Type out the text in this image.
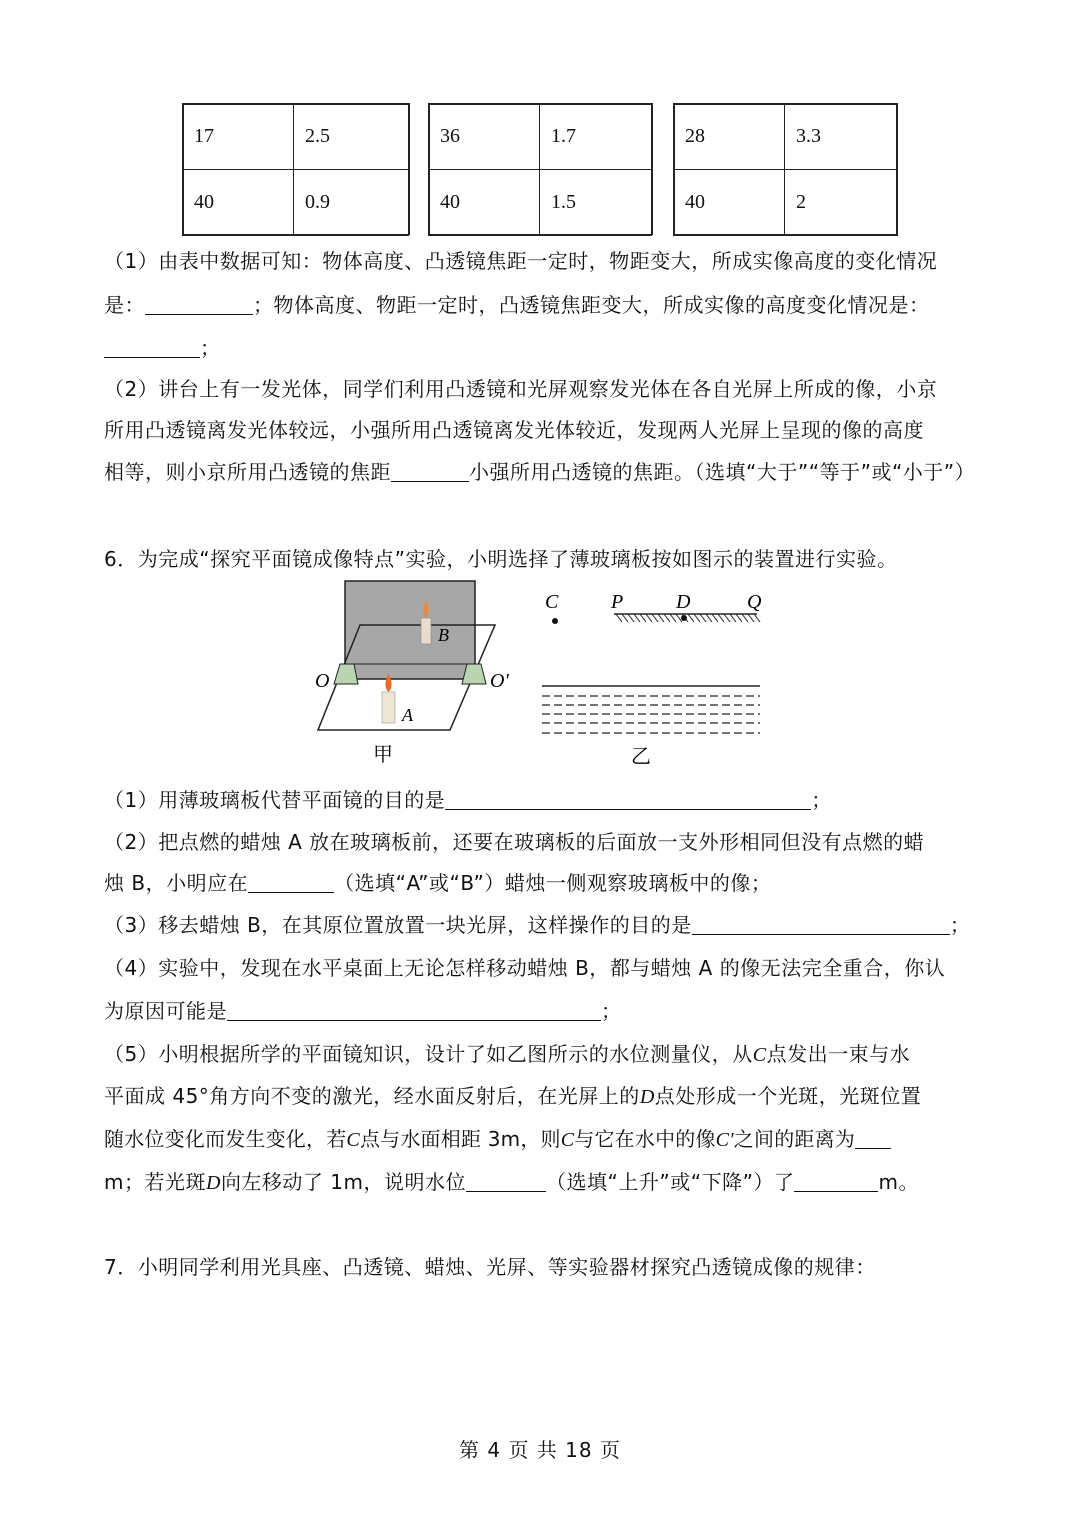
17	2.5	36	1.7	28	3.3
40	0.9	40	1.5	40	2
（1）由表中数据可知：物体高度、凸透镜焦距一定时，物距变大，所成实像高度的变化情况
是：	；物体高度、物距一定时，凸透镜焦距变大，所成实像的高度变化情况是：
；
（2）讲台上有一发光体，同学们利用凸透镜和光屏观察发光体在各自光屏上所成的像，小京
所用凸透镜离发光体较远，小强所用凸透镜离发光体较近，发现两人光屏上呈现的像的高度
相等，则小京所用凸透镜的焦距	小强所用凸透镜的焦距。（选填“大于”“等于”或“小于”）
6．为完成“探究平面镜成像特点”实验，小明选择了薄玻璃板按如图示的装置进行实验。
B
A
O	O′
甲
C	P	D	Q
乙
（1）用薄玻璃板代替平面镜的目的是	；
（2）把点燃的蜡烛 A 放在玻璃板前，还要在玻璃板的后面放一支外形相同但没有点燃的蜡
烛 B，小明应在	（选填“A”或“B”）蜡烛一侧观察玻璃板中的像；
（3）移去蜡烛 B，在其原位置放置一块光屏，这样操作的目的是	；
（4）实验中，发现在水平桌面上无论怎样移动蜡烛 B，都与蜡烛 A 的像无法完全重合，你认
为原因可能是	；
（5）小明根据所学的平面镜知识，设计了如乙图所示的水位测量仪，从C点发出一束与水
平面成 45°角方向不变的激光，经水面反射后，在光屏上的D点处形成一个光斑，光斑位置
随水位变化而发生变化，若C点与水面相距 3m，则C与它在水中的像C′之间的距离为
m；若光斑D向左移动了 1m，说明水位	（选填“上升”或“下降”）了	m。
7．小明同学利用光具座、凸透镜、蜡烛、光屏、等实验器材探究凸透镜成像的规律：
第 4 页 共 18 页
